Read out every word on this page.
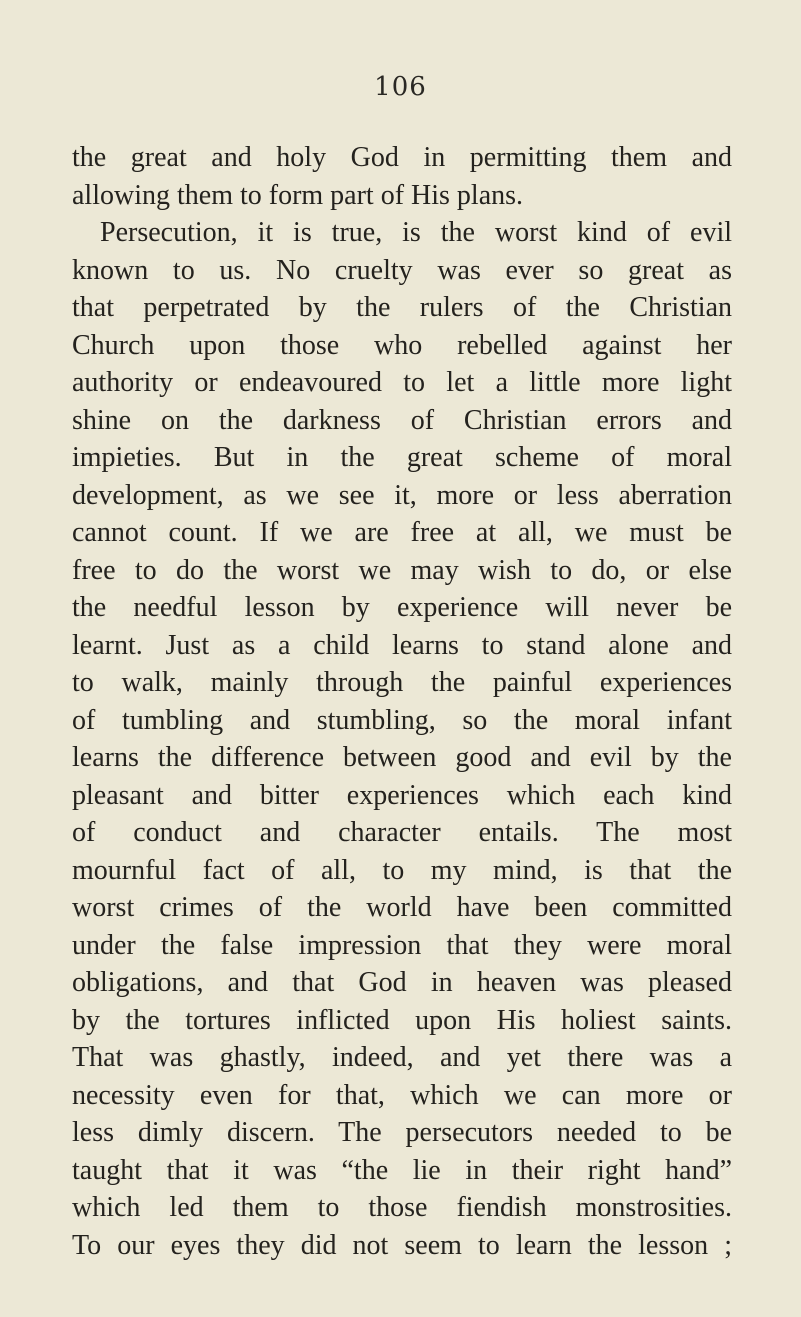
106
the great and holy God in permitting them and
allowing them to form part of His plans.
Persecution, it is true, is the worst kind of evil
known to us. No cruelty was ever so great as
that perpetrated by the rulers of the Christian
Church upon those who rebelled against her
authority or endeavoured to let a little more light
shine on the darkness of Christian errors and
impieties. But in the great scheme of moral
development, as we see it, more or less aberration
cannot count. If we are free at all, we must be
free to do the worst we may wish to do, or else
the needful lesson by experience will never be
learnt. Just as a child learns to stand alone and
to walk, mainly through the painful experiences
of tumbling and stumbling, so the moral infant
learns the difference between good and evil by the
pleasant and bitter experiences which each kind
of conduct and character entails. The most
mournful fact of all, to my mind, is that the
worst crimes of the world have been committed
under the false impression that they were moral
obligations, and that God in heaven was pleased
by the tortures inflicted upon His holiest saints.
That was ghastly, indeed, and yet there was a
necessity even for that, which we can more or
less dimly discern. The persecutors needed to be
taught that it was “the lie in their right hand”
which led them to those fiendish monstrosities.
To our eyes they did not seem to learn the lesson ;
